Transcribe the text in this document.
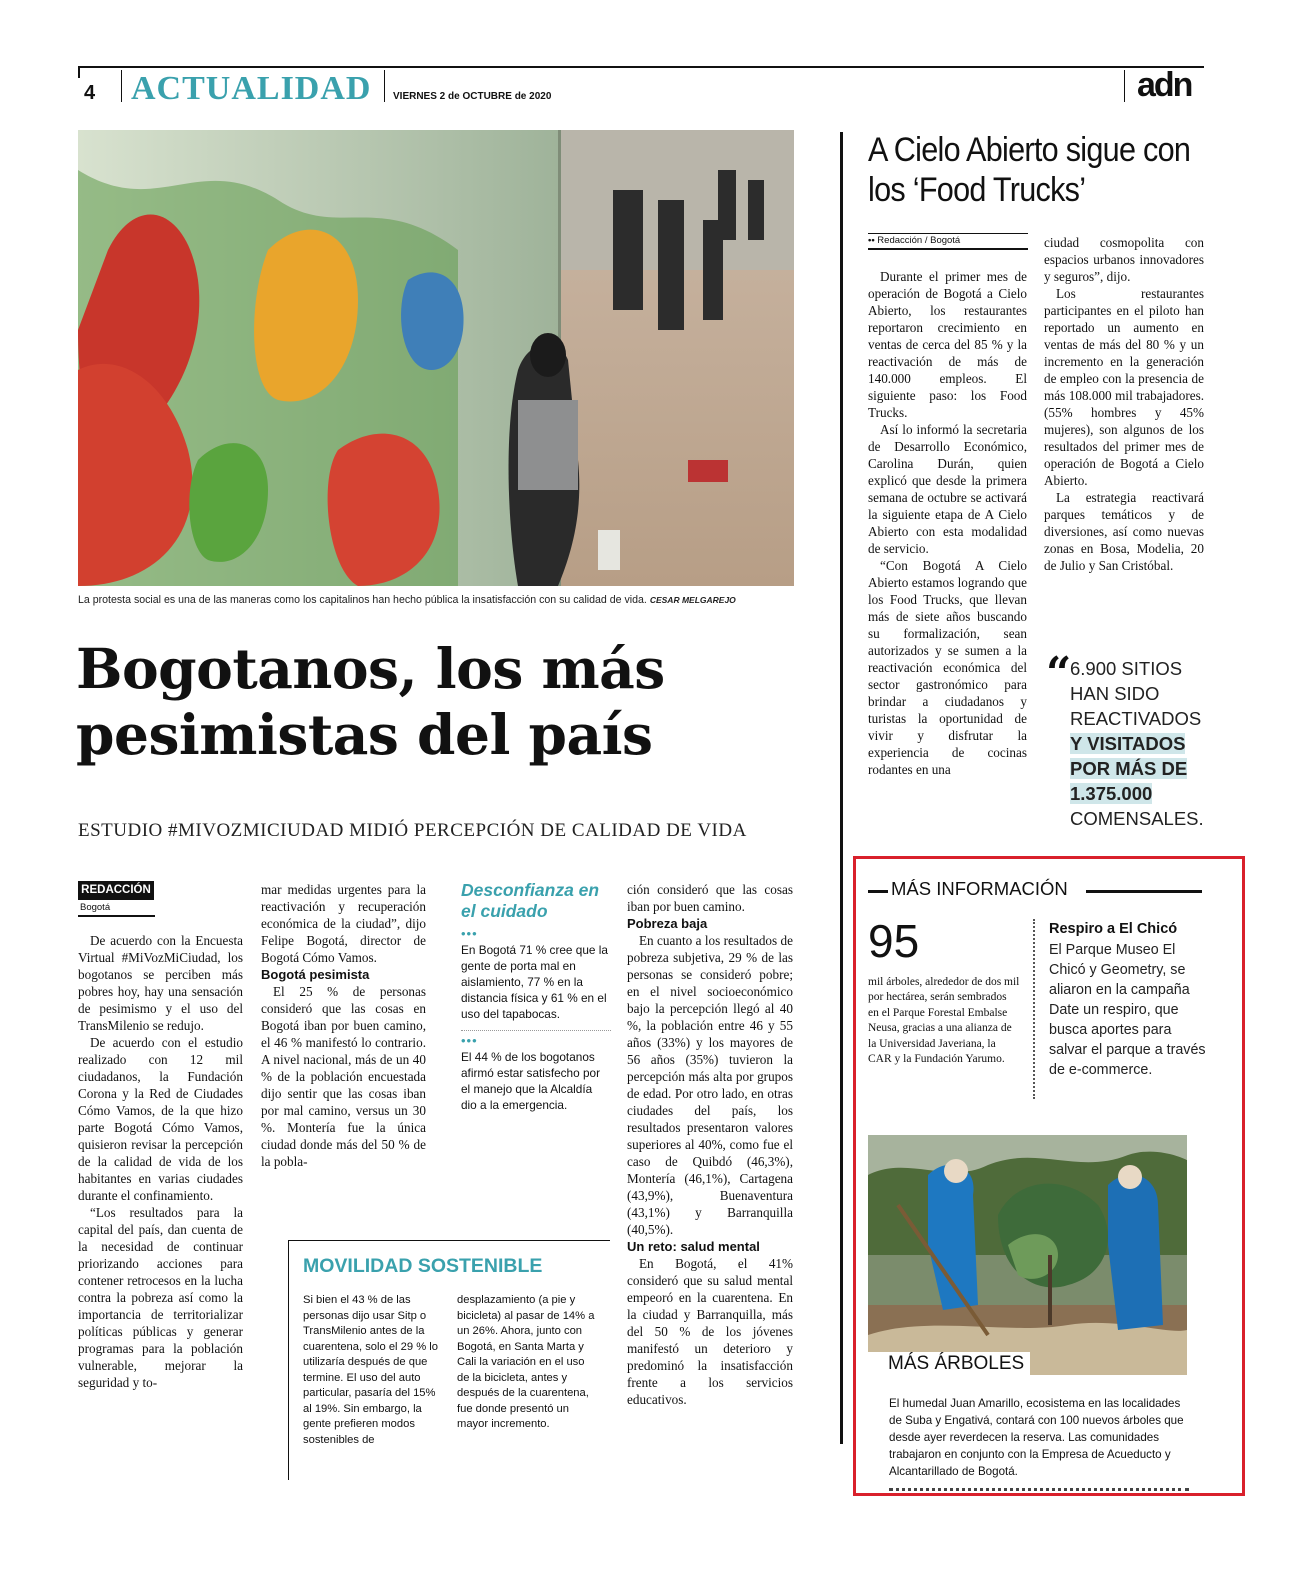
4 ACTUALIDAD VIERNES 2 de OCTUBRE de 2020	adn
La protesta social es una de las maneras como los capitalinos han hecho pública la insatisfacción con su calidad de vida. CESAR MELGAREJO
Bogotanos, los más pesimistas del país
ESTUDIO #MIVOZMICIUDAD MIDIÓ PERCEPCIÓN DE CALIDAD DE VIDA
REDACCIÓN
Bogotá

De acuerdo con la Encuesta Virtual #MiVozMiCiudad, los bogotanos se perciben más pobres hoy, hay una sensación de pesimismo y el uso del TransMilenio se redujo.

De acuerdo con el estudio realizado con 12 mil ciudadanos, la Fundación Corona y la Red de Ciudades Cómo Vamos, de la que hizo parte Bogotá Cómo Vamos, quisieron revisar la percepción de la calidad de vida de los habitantes en varias ciudades durante el confinamiento.

“Los resultados para la capital del país, dan cuenta de la necesidad de continuar priorizando acciones para contener retrocesos en la lucha contra la pobreza así como la importancia de territorializar políticas públicas y generar programas para la población vulnerable, mejorar la seguridad y to-

mar medidas urgentes para la reactivación y recuperación económica de la ciudad”, dijo Felipe Bogotá, director de Bogotá Cómo Vamos.

Bogotá pesimista

El 25 % de personas consideró que las cosas en Bogotá iban por buen camino, el 46 % manifestó lo contrario. A nivel nacional, más de un 40 % de la población encuestada dijo sentir que las cosas iban por mal camino, versus un 30 %. Montería fue la única ciudad donde más del 50 % de la pobla-

Desconfianza en el cuidado
•••
En Bogotá 71 % cree que la gente de porta mal en aislamiento, 77 % en la distancia física y 61 % en el uso del tapabocas.
•••
El 44 % de los bogotanos afirmó estar satisfecho por el manejo que la Alcaldía dio a la emergencia.

ción consideró que las cosas iban por buen camino.

Pobreza baja

En cuanto a los resultados de pobreza subjetiva, 29 % de las personas se consideró pobre; en el nivel socioeconómico bajo la percepción llegó al 40 %, la población entre 46 y 55 años (33%) y los mayores de 56 años (35%) tuvieron la percepción más alta por grupos de edad. Por otro lado, en otras ciudades del país, los resultados presentaron valores superiores al 40%, como fue el caso de Quibdó (46,3%), Montería (46,1%), Cartagena (43,9%), Buenaventura (43,1%) y Barranquilla (40,5%).

Un reto: salud mental

En Bogotá, el 41% consideró que su salud mental empeoró en la cuarentena. En la ciudad y Barranquilla, más del 50 % de los jóvenes manifestó un deterioro y predominó la insatisfacción frente a los servicios educativos.

MOVILIDAD SOSTENIBLE
Si bien el 43 % de las personas dijo usar Sitp o TransMilenio antes de la cuarentena, solo el 29 % lo utilizaría después de que termine. El uso del auto particular, pasaría del 15% al 19%. Sin embargo, la gente prefieren modos sostenibles de
desplazamiento (a pie y bicicleta) al pasar de 14% a un 26%. Ahora, junto con Bogotá, en Santa Marta y Cali la variación en el uso de la bicicleta, antes y después de la cuarentena, fue donde presentó un mayor incremento.
A Cielo Abierto sigue con los ‘Food Trucks’
•• Redacción / Bogotá

Durante el primer mes de operación de Bogotá a Cielo Abierto, los restaurantes reportaron crecimiento en ventas de cerca del 85 % y la reactivación de más de 140.000 empleos. El siguiente paso: los Food Trucks.

Así lo informó la secretaria de Desarrollo Económico, Carolina Durán, quien explicó que desde la primera semana de octubre se activará la siguiente etapa de A Cielo Abierto con esta modalidad de servicio.

“Con Bogotá A Cielo Abierto estamos logrando que los Food Trucks, que llevan más de siete años buscando su formalización, sean autorizados y se sumen a la reactivación económica del sector gastronómico para brindar a ciudadanos y turistas la oportunidad de vivir y disfrutar la experiencia de cocinas rodantes en una

ciudad cosmopolita con espacios urbanos innovadores y seguros”, dijo.

Los restaurantes participantes en el piloto han reportado un aumento en ventas de más del 80 % y un incremento en la generación de empleo con la presencia de más 108.000 mil trabajadores. (55% hombres y 45% mujeres), son algunos de los resultados del primer mes de operación de Bogotá a Cielo Abierto.

La estrategia reactivará parques temáticos y de diversiones, así como nuevas zonas en Bosa, Modelia, 20 de Julio y San Cristóbal.

“
6.900 SITIOS
HAN SIDO
REACTIVADOS
Y VISITADOS
POR MÁS DE
1.375.000
COMENSALES.
MÁS INFORMACIÓN
95
mil árboles, alrededor de dos mil por hectárea, serán sembrados en el Parque Forestal Embalse Neusa, gracias a una alianza de la Universidad Javeriana, la CAR y la Fundación Yarumo.
Respiro a El Chicó
El Parque Museo El Chicó y Geometry, se aliaron en la campaña Date un respiro, que busca aportes para salvar el parque a través de e-commerce.
MÁS ÁRBOLES
El humedal Juan Amarillo, ecosistema en las localidades de Suba y Engativá, contará con 100 nuevos árboles que desde ayer reverdecen la reserva. Las comunidades trabajaron en conjunto con la Empresa de Acueducto y Alcantarillado de Bogotá.
